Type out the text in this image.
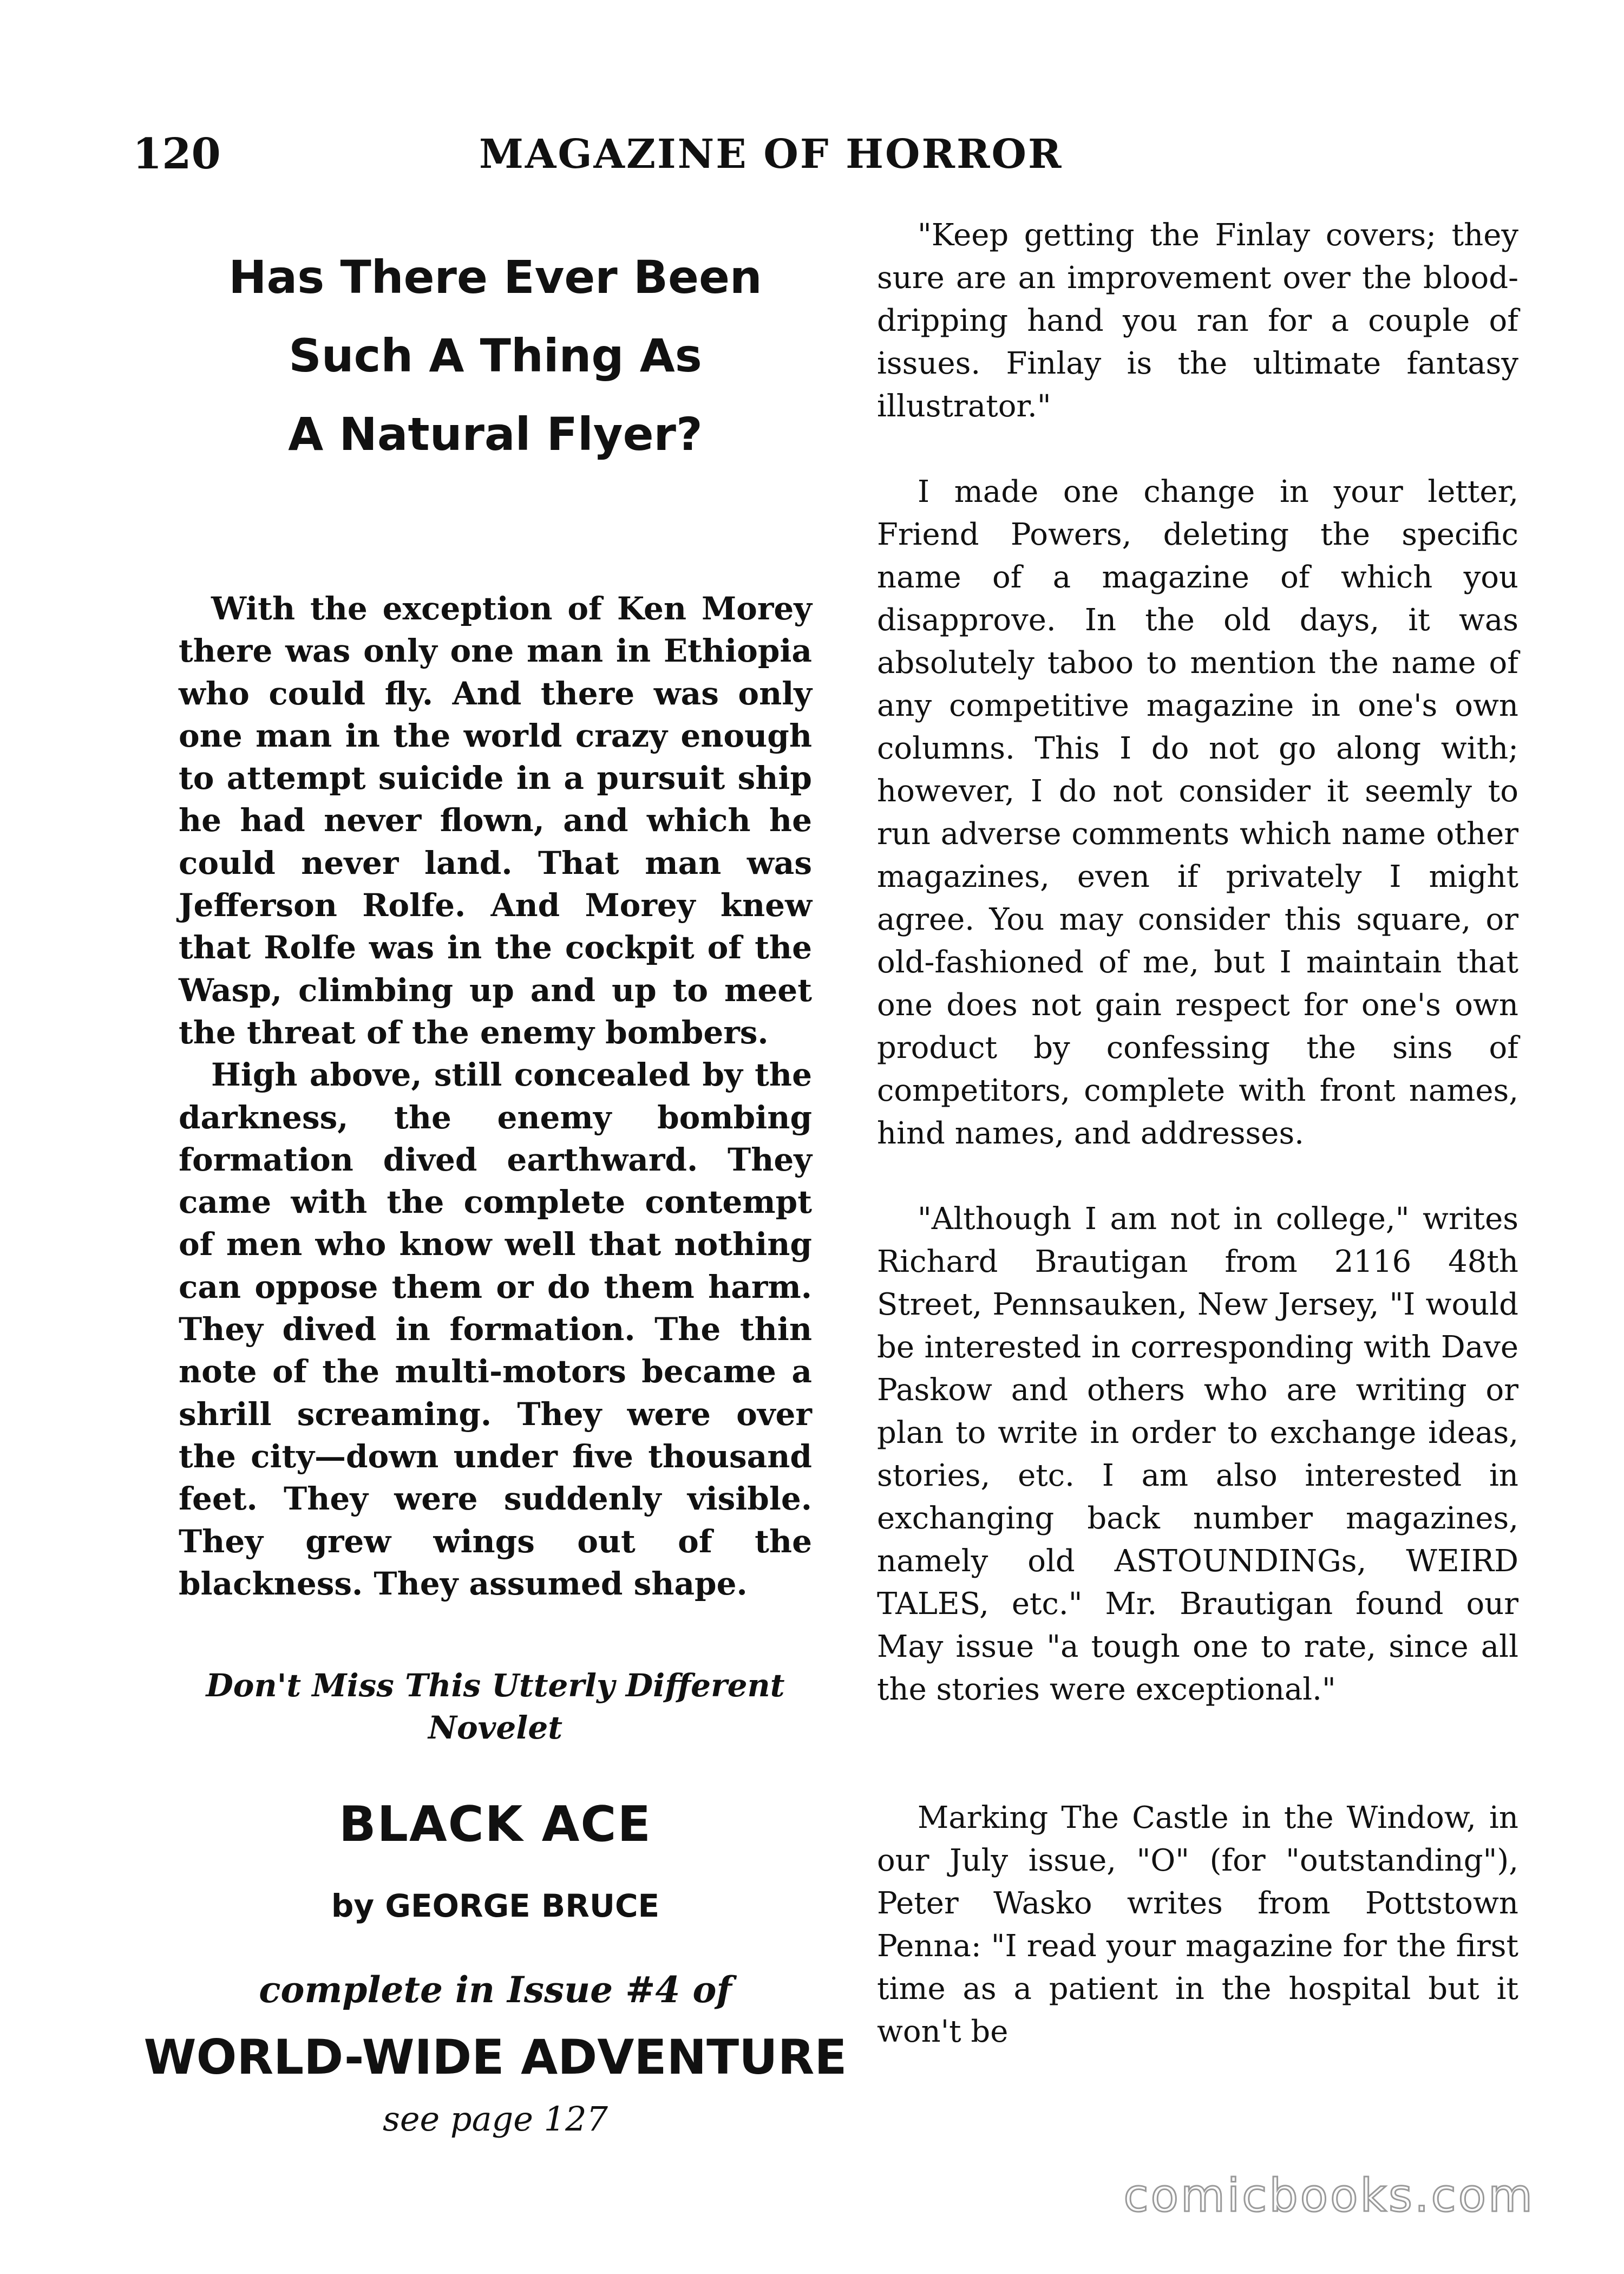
120	MAGAZINE OF HORROR
Has There Ever Been
Such A Thing As
A Natural Flyer?

With the exception of Ken Morey there was only one man in Ethiopia who could fly. And there was only one man in the world crazy enough to attempt suicide in a pursuit ship he had never flown, and which he could never land. That man was Jefferson Rolfe. And Morey knew that Rolfe was in the cockpit of the Wasp, climbing up and up to meet the threat of the enemy bombers.

High above, still concealed by the darkness, the enemy bombing formation dived earthward. They came with the complete contempt of men who know well that nothing can oppose them or do them harm. They dived in formation. The thin note of the multi-motors became a shrill screaming. They were over the city—down under five thousand feet. They were suddenly visible. They grew wings out of the blackness. They assumed shape.

Don't Miss This Utterly Different
Novelet
BLACK ACE
by GEORGE BRUCE
complete in Issue #4 of
WORLD-WIDE ADVENTURE
see page 127

"Keep getting the Finlay covers; they sure are an improvement over the blood-dripping hand you ran for a couple of issues. Finlay is the ultimate fantasy illustrator."

I made one change in your letter, Friend Powers, deleting the specific name of a magazine of which you disapprove. In the old days, it was absolutely taboo to mention the name of any competitive magazine in one's own columns. This I do not go along with; however, I do not consider it seemly to run adverse comments which name other magazines, even if privately I might agree. You may consider this square, or old-fashioned of me, but I maintain that one does not gain respect for one's own product by confessing the sins of competitors, complete with front names, hind names, and addresses.

"Although I am not in college," writes Richard Brautigan from 2116 48th Street, Pennsauken, New Jersey, "I would be interested in corresponding with Dave Paskow and others who are writing or plan to write in order to exchange ideas, stories, etc. I am also interested in exchanging back number magazines, namely old ASTOUNDINGs, WEIRD TALES, etc." Mr. Brautigan found our May issue "a tough one to rate, since all the stories were exceptional."

Marking The Castle in the Window, in our July issue, "O" (for "outstanding"), Peter Wasko writes from Pottstown Penna: "I read your magazine for the first time as a patient in the hospital but it won't be

comicbooks.com
